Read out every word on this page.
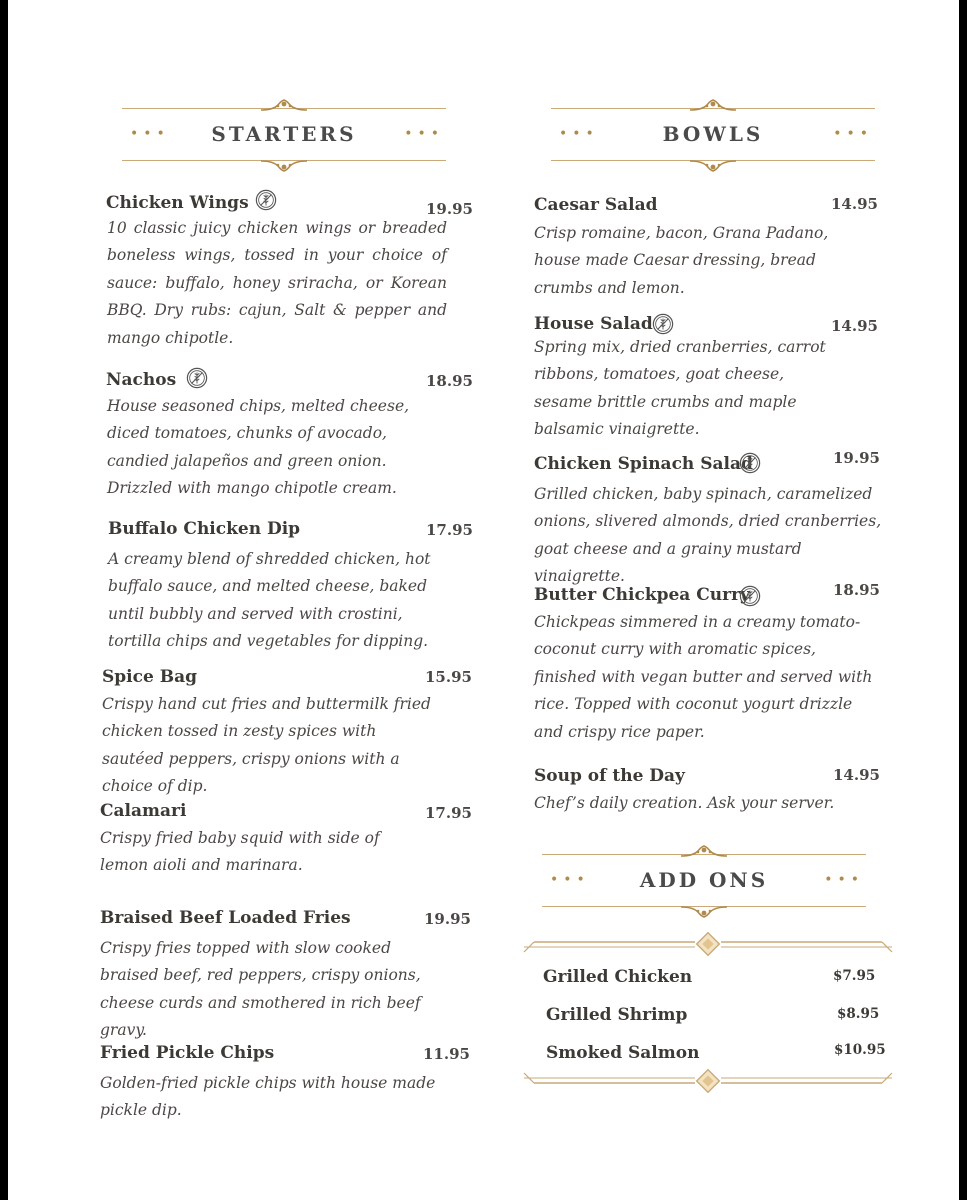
•••	STARTERS	•••	•••	BOWLS	•••
Chicken Wings	19.95
10 classic juicy chicken wings or breaded boneless wings, tossed in your choice of sauce: buffalo, honey sriracha, or Korean BBQ. Dry rubs: cajun, Salt & pepper and mango chipotle.
Nachos	18.95
House seasoned chips, melted cheese, diced tomatoes, chunks of avocado, candied jalapeños and green onion. Drizzled with mango chipotle cream.
Buffalo Chicken Dip	17.95
A creamy blend of shredded chicken, hot buffalo sauce, and melted cheese, baked until bubbly and served with crostini, tortilla chips and vegetables for dipping.
Spice Bag	15.95
Crispy hand cut fries and buttermilk fried chicken tossed in zesty spices with sautéed peppers, crispy onions with a choice of dip.
Calamari	17.95
Crispy fried baby squid with side of lemon aioli and marinara.
Braised Beef Loaded Fries	19.95
Crispy fries topped with slow cooked braised beef, red peppers, crispy onions, cheese curds and smothered in rich beef gravy.
Fried Pickle Chips	11.95
Golden-fried pickle chips with house made pickle dip.
Caesar Salad	14.95
Crisp romaine, bacon, Grana Padano, house made Caesar dressing, bread crumbs and lemon.
House Salad	14.95
Spring mix, dried cranberries, carrot ribbons, tomatoes, goat cheese, sesame brittle crumbs and maple balsamic vinaigrette.
Chicken Spinach Salad	19.95
Grilled chicken, baby spinach, caramelized onions, slivered almonds, dried cranberries, goat cheese and a grainy mustard vinaigrette.
Butter Chickpea Curry	18.95
Chickpeas simmered in a creamy tomato-coconut curry with aromatic spices, finished with vegan butter and served with rice. Topped with coconut yogurt drizzle and crispy rice paper.
Soup of the Day	14.95
Chef’s daily creation. Ask your server.
•••	ADD ONS	•••
Grilled Chicken	$7.95
Grilled Shrimp	$8.95
Smoked Salmon	$10.95
